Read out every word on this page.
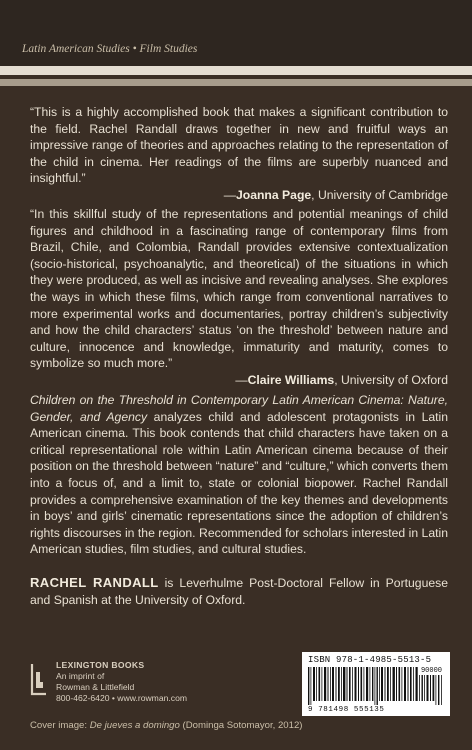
Latin American Studies • Film Studies

“This is a highly accomplished book that makes a significant contribution to the field. Rachel Randall draws together in new and fruitful ways an impressive range of theories and approaches relating to the representation of the child in cinema. Her readings of the films are superbly nuanced and insightful.”

—Joanna Page, University of Cambridge

“In this skillful study of the representations and potential meanings of child figures and childhood in a fascinating range of contemporary films from Brazil, Chile, and Colombia, Randall provides extensive contextualization (socio-historical, psychoanalytic, and theoretical) of the situations in which they were produced, as well as incisive and revealing analyses. She explores the ways in which these films, which range from conventional narratives to more experimental works and documentaries, portray children’s subjectivity and how the child characters’ status ‘on the threshold’ between nature and culture, innocence and knowledge, immaturity and maturity, comes to symbolize so much more.”

—Claire Williams, University of Oxford

Children on the Threshold in Contemporary Latin American Cinema: Nature, Gender, and Agency analyzes child and adolescent protagonists in Latin American cinema. This book contends that child characters have taken on a critical representational role within Latin American cinema because of their position on the threshold between “nature” and “culture,” which converts them into a focus of, and a limit to, state or colonial biopower. Rachel Randall provides a comprehensive examination of the key themes and developments in boys’ and girls’ cinematic representations since the adoption of children’s rights discourses in the region. Recommended for scholars interested in Latin American studies, film studies, and cultural studies.

RACHEL RANDALL is Leverhulme Post-Doctoral Fellow in Portuguese and Spanish at the University of Oxford.

LEXINGTON BOOKS
An imprint of
Rowman & Littlefield
800-462-6420 • www.rowman.com
ISBN 978-1-4985-5513-5
90000
9 781498 555135
Cover image: De jueves a domingo (Dominga Sotomayor, 2012)
